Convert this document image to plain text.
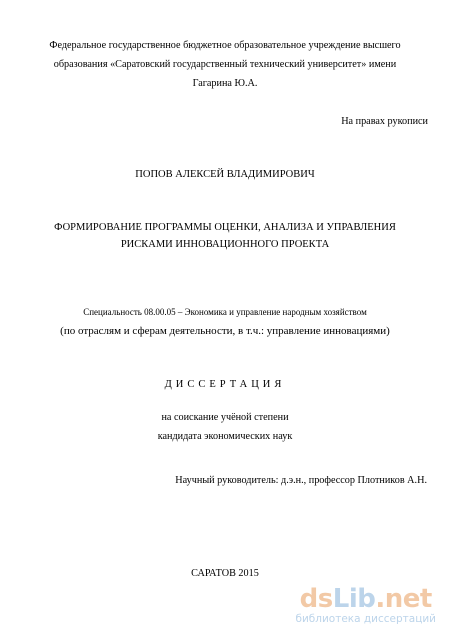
Федеральное государственное бюджетное образовательное учреждение высшего
образования «Саратовский государственный технический университет» имени
Гагарина Ю.А.
На правах рукописи
ПОПОВ АЛЕКСЕЙ ВЛАДИМИРОВИЧ
ФОРМИРОВАНИЕ ПРОГРАММЫ ОЦЕНКИ, АНАЛИЗА И УПРАВЛЕНИЯ
РИСКАМИ ИННОВАЦИОННОГО ПРОЕКТА
Специальность 08.00.05 – Экономика и управление народным хозяйством
(по отраслям и сферам деятельности, в т.ч.: управление инновациями)
ДИССЕРТАЦИЯ
на соискание учёной степени
кандидата экономических наук
Научный руководитель: д.э.н., профессор Плотников А.Н.
САРАТОВ 2015
dsLib.net
библиотека диссертаций
